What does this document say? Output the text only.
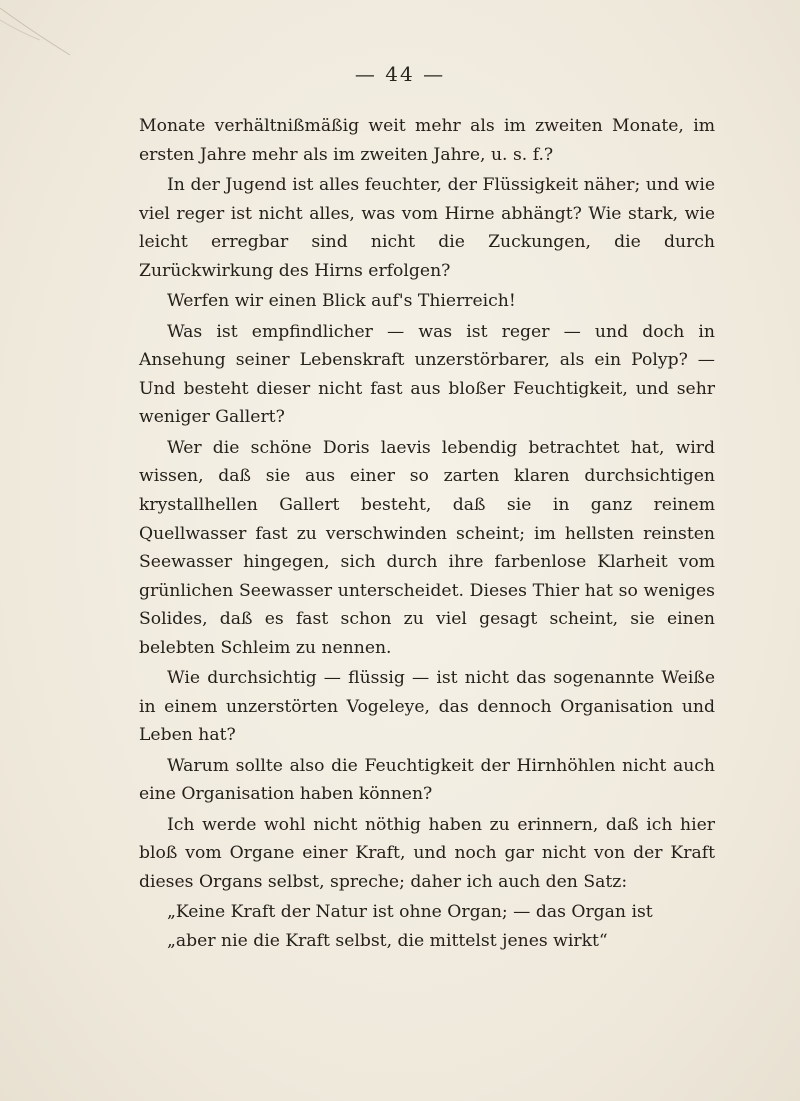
— 44 —

Monate verhältnißmäßig weit mehr als im zweiten Monate, im ersten Jahre mehr als im zweiten Jahre, u. s. f.?

In der Jugend ist alles feuchter, der Flüssigkeit näher; und wie viel reger ist nicht alles, was vom Hirne abhängt? Wie stark, wie leicht erregbar sind nicht die Zuckungen, die durch Zurückwirkung des Hirns erfolgen?

Werfen wir einen Blick auf's Thierreich!

Was ist empfindlicher — was ist reger — und doch in Ansehung seiner Lebenskraft unzerstörbarer, als ein Polyp? — Und besteht dieser nicht fast aus bloßer Feuchtigkeit, und sehr weniger Gallert?

Wer die schöne Doris laevis lebendig betrachtet hat, wird wissen, daß sie aus einer so zarten klaren durchsichtigen krystallhellen Gallert besteht, daß sie in ganz reinem Quellwasser fast zu verschwinden scheint; im hellsten reinsten Seewasser hingegen, sich durch ihre farbenlose Klarheit vom grünlichen Seewasser unterscheidet. Dieses Thier hat so weniges Solides, daß es fast schon zu viel gesagt scheint, sie einen belebten Schleim zu nennen.

Wie durchsichtig — flüssig — ist nicht das sogenannte Weiße in einem unzerstörten Vogeleye, das dennoch Organisation und Leben hat?

Warum sollte also die Feuchtigkeit der Hirnhöhlen nicht auch eine Organisation haben können?

Ich werde wohl nicht nöthig haben zu erinnern, daß ich hier bloß vom Organe einer Kraft, und noch gar nicht von der Kraft dieses Organs selbst, spreche; daher ich auch den Satz:

„Keine Kraft der Natur ist ohne Organ; — das Organ ist

„aber nie die Kraft selbst, die mittelst jenes wirkt“
